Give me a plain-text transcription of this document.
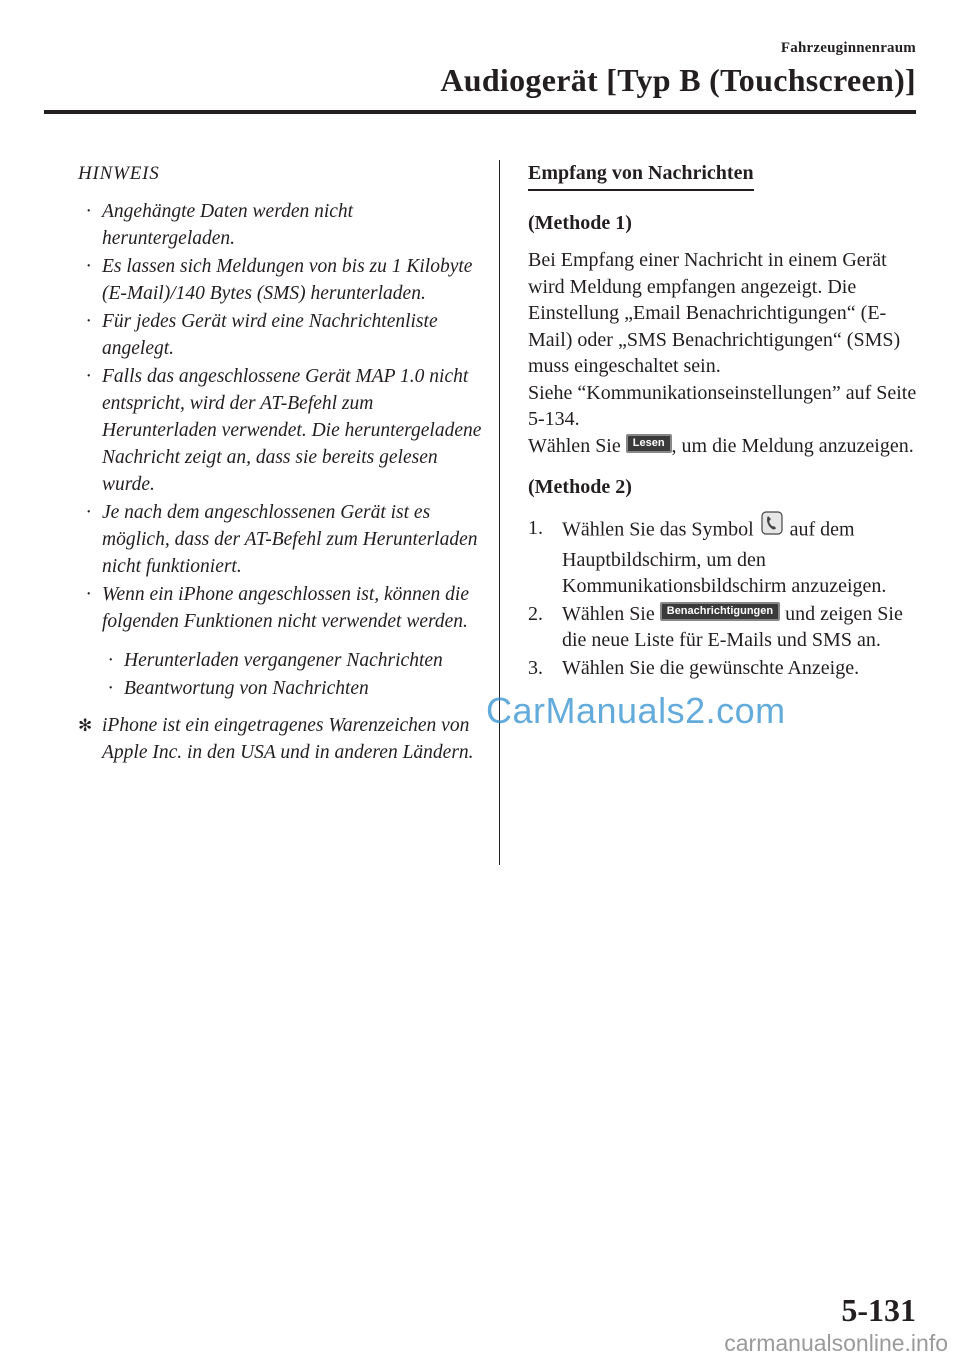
Fahrzeuginnenraum
Audiogerät [Typ B (Touchscreen)]
HINWEIS
· Angehängte Daten werden nicht heruntergeladen.
· Es lassen sich Meldungen von bis zu 1 Kilobyte (E-Mail)/140 Bytes (SMS) herunterladen.
· Für jedes Gerät wird eine Nachrichtenliste angelegt.
· Falls das angeschlossene Gerät MAP 1.0 nicht entspricht, wird der AT-Befehl zum Herunterladen verwendet. Die heruntergeladene Nachricht zeigt an, dass sie bereits gelesen wurde.
· Je nach dem angeschlossenen Gerät ist es möglich, dass der AT-Befehl zum Herunterladen nicht funktioniert.
· Wenn ein iPhone angeschlossen ist, können die folgenden Funktionen nicht verwendet werden.
· Herunterladen vergangener Nachrichten
· Beantwortung von Nachrichten
✻ iPhone ist ein eingetragenes Warenzeichen von Apple Inc. in den USA und in anderen Ländern.
Empfang von Nachrichten
(Methode 1)

Bei Empfang einer Nachricht in einem Gerät wird Meldung empfangen angezeigt. Die Einstellung „Email Benachrichtigungen“ (E-Mail) oder „SMS Benachrichtigungen“ (SMS) muss eingeschaltet sein.

Siehe “Kommunikationseinstellungen” auf Seite 5-134.

Wählen Sie Lesen , um die Meldung anzuzeigen.

(Methode 2)
1. Wählen Sie das Symbol  auf dem Hauptbildschirm, um den Kommunikationsbildschirm anzuzeigen.
2. Wählen Sie Benachrichtigungen und zeigen Sie die neue Liste für E-Mails und SMS an.
3. Wählen Sie die gewünschte Anzeige.
CarManuals2.com
5-131
carmanualsonline.info
